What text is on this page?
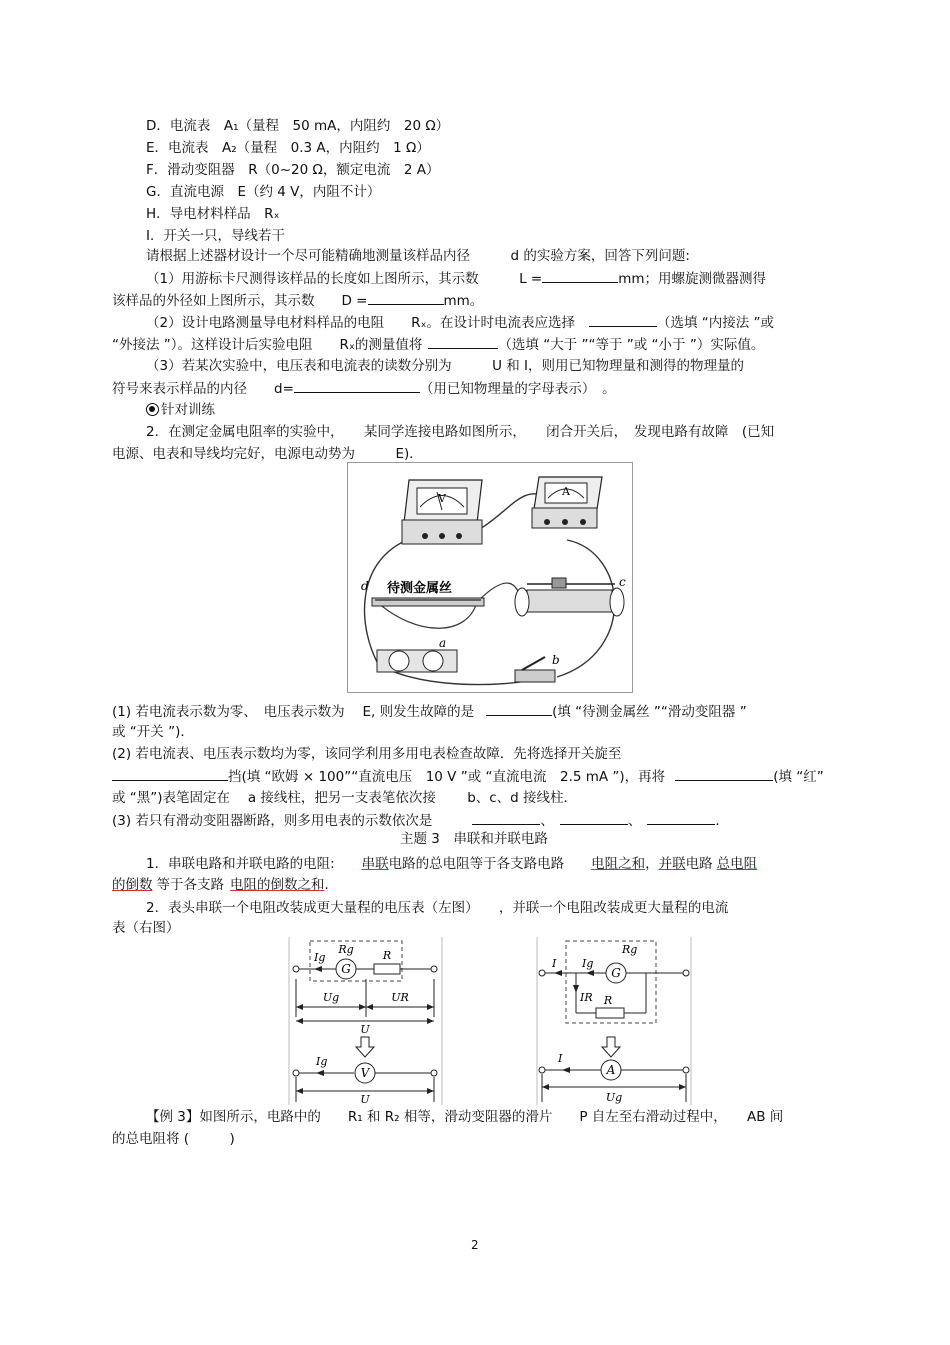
D．电流表　A₁（量程　50 mA，内阻约　20 Ω）
E．电流表　A₂（量程　0.3 A，内阻约　1 Ω）
F．滑动变阻器　R（0~20 Ω，额定电流　2 A）
G．直流电源　E（约 4 V，内阻不计）
H．导电材料样品　Rₓ
I．开关一只，导线若干
请根据上述器材设计一个尽可能精确地测量该样品内径　　　d 的实验方案，回答下列问题:
（1）用游标卡尺测得该样品的长度如上图所示，其示数　　　L =	mm；用螺旋测微器测得
该样品的外径如上图所示，其示数　　D =	mm。
（2）设计电路测量导电材料样品的电阻　　Rₓ。在设计时电流表应选择	（选填 “内接法 ”或
“外接法 ”）。这样设计后实验电阻　　Rₓ的测量值将	（选填 “大于 ”“等于 ”或 “小于 ”）实际值。
（3）若某次实验中，电压表和电流表的读数分别为　　　U 和 I，则用已知物理量和测得的物理量的
符号来表示样品的内径　　d=	（用已知物理量的字母表示）　。
针对训练
2．在测定金属电阻率的实验中，　　某同学连接电路如图所示，　　闭合开关后，　发现电路有故障　(已知
电源、电表和导线均完好，电源电动势为　　　E)．
V
A
待测金属丝
d	c
a
b
(1) 若电流表示数为零、　电压表示数为　 E, 则发生故障的是	(填 “待测金属丝 ”“滑动变阻器 ”
或 “开关 ”)．
(2) 若电流表、电压表示数均为零，该同学利用多用电表检查故障．先将选择开关旋至
挡(填 “欧姆 × 100”“直流电压　10 V ”或 “直流电流　2.5 mA ”)，再将	(填 “红”
或 “黑”)表笔固定在　 a 接线柱，把另一支表笔依次接　　 b、c、d 接线柱．
(3) 若只有滑动变阻器断路，则多用电表的示数依次是	、	、	．
主题 3　串联和并联电路
1．串联电路和并联电路的电阻:　　串联电路的总电阻等于各支路电路　　电阻之和，并联电路 总电阻
的倒数 等于各支路 电阻的倒数之和．
2．表头串联一个电阻改装成更大量程的电压表（左图）　　，并联一个电阻改装成更大量程的电流
表（右图）
G
Ig
Rg	R
Ug	UR
U
V
Ig
U
G
I Ig
Rg
IR R
A
I
Ug
【例 3】如图所示，电路中的　　R₁ 和 R₂ 相等，滑动变阻器的滑片　　P 自左至右滑动过程中，　　AB 间
的总电阻将 (　　　)
2
